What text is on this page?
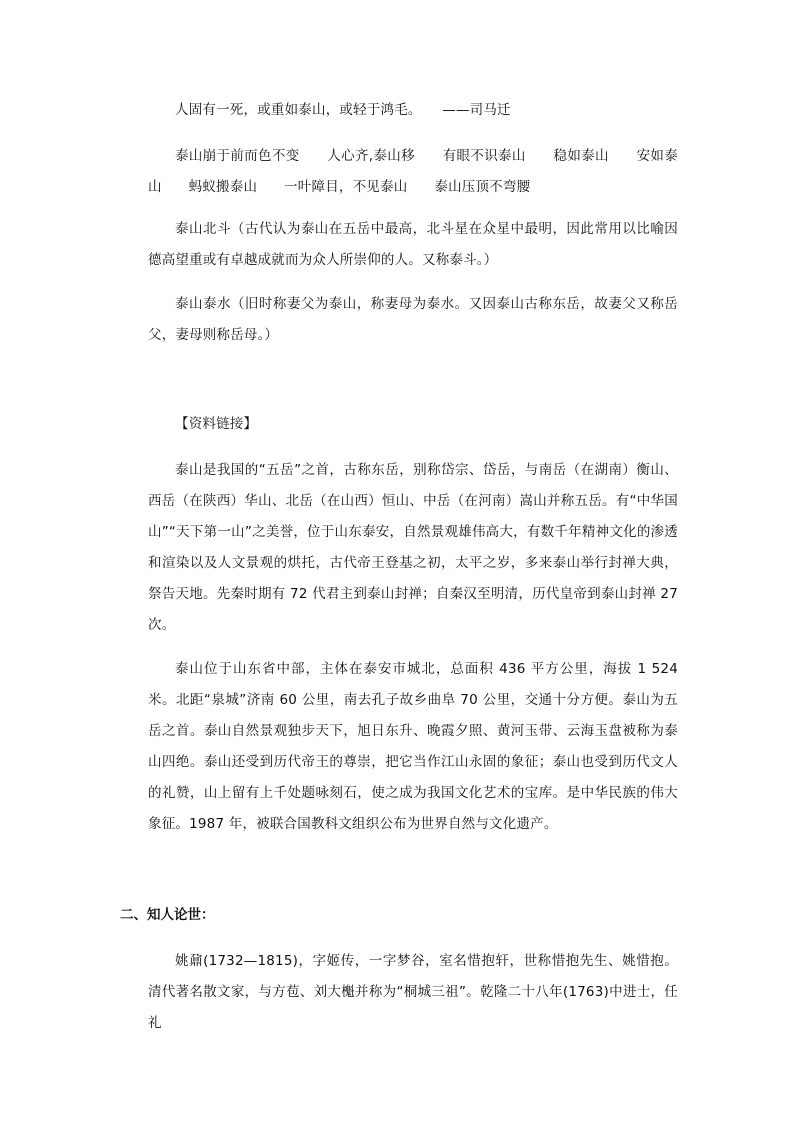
人固有一死，或重如泰山，或轻于鸿毛。　　——司马迁

泰山崩于前而色不变 人心齐,泰山移 有眼不识泰山 稳如泰山 安如泰山 蚂蚁搬泰山 一叶障目，不见泰山 泰山压顶不弯腰

泰山北斗（古代认为泰山在五岳中最高，北斗星在众星中最明，因此常用以比喻因德高望重或有卓越成就而为众人所崇仰的人。又称泰斗。）

泰山泰水（旧时称妻父为泰山，称妻母为泰水。又因泰山古称东岳，故妻父又称岳父，妻母则称岳母。）

【资料链接】

泰山是我国的“五岳”之首，古称东岳，别称岱宗、岱岳，与南岳（在湖南）衡山、西岳（在陕西）华山、北岳（在山西）恒山、中岳（在河南）嵩山并称五岳。有“中华国山”“天下第一山”之美誉，位于山东泰安，自然景观雄伟高大，有数千年精神文化的渗透和渲染以及人文景观的烘托，古代帝王登基之初，太平之岁，多来泰山举行封禅大典，祭告天地。先秦时期有 72 代君主到泰山封禅；自秦汉至明清，历代皇帝到泰山封禅 27 次。

泰山位于山东省中部，主体在泰安市城北，总面积 436 平方公里，海拔 1 524 米。北距“泉城”济南 60 公里，南去孔子故乡曲阜 70 公里，交通十分方便。泰山为五岳之首。泰山自然景观独步天下，旭日东升、晚霞夕照、黄河玉带、云海玉盘被称为泰山四绝。泰山还受到历代帝王的尊崇，把它当作江山永固的象征；泰山也受到历代文人的礼赞，山上留有上千处题咏刻石，使之成为我国文化艺术的宝库。是中华民族的伟大象征。1987 年，被联合国教科文组织公布为世界自然与文化遗产。

二、知人论世：

姚鼐(1732—1815)，字姬传，一字梦谷，室名惜抱轩，世称惜抱先生、姚惜抱。清代著名散文家，与方苞、刘大櫆并称为“桐城三祖”。乾隆二十八年(1763)中进士，任礼
